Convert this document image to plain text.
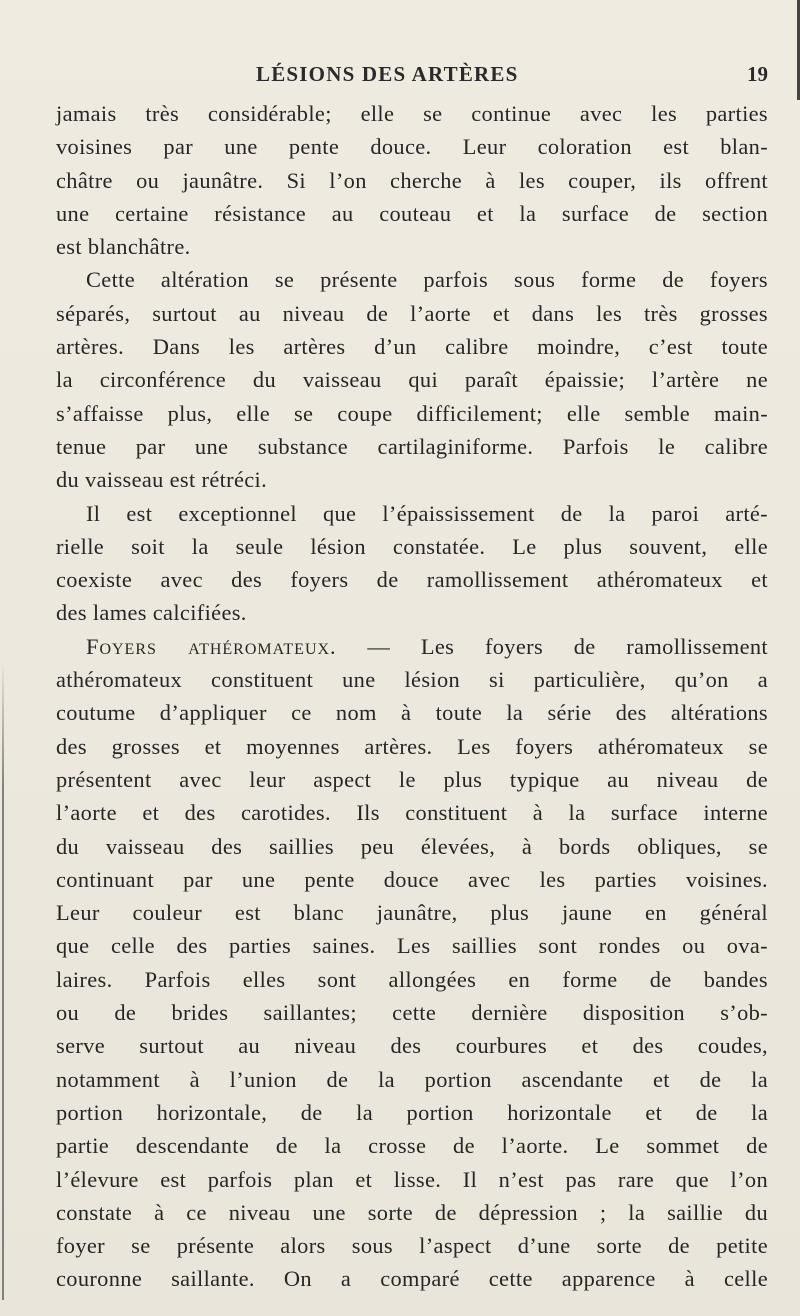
LÉSIONS DES ARTÈRES	19
jamais très considérable; elle se continue avec les parties
voisines par une pente douce. Leur coloration est blan-
châtre ou jaunâtre. Si l’on cherche à les couper, ils offrent
une certaine résistance au couteau et la surface de section
est blanchâtre.
Cette altération se présente parfois sous forme de foyers
séparés, surtout au niveau de l’aorte et dans les très grosses
artères. Dans les artères d’un calibre moindre, c’est toute
la circonférence du vaisseau qui paraît épaissie; l’artère ne
s’affaisse plus, elle se coupe difficilement; elle semble main-
tenue par une substance cartilaginiforme. Parfois le calibre
du vaisseau est rétréci.
Il est exceptionnel que l’épaississement de la paroi arté-
rielle soit la seule lésion constatée. Le plus souvent, elle
coexiste avec des foyers de ramollissement athéromateux et
des lames calcifiées.
Foyers athéromateux. — Les foyers de ramollissement
athéromateux constituent une lésion si particulière, qu’on a
coutume d’appliquer ce nom à toute la série des altérations
des grosses et moyennes artères. Les foyers athéromateux se
présentent avec leur aspect le plus typique au niveau de
l’aorte et des carotides. Ils constituent à la surface interne
du vaisseau des saillies peu élevées, à bords obliques, se
continuant par une pente douce avec les parties voisines.
Leur couleur est blanc jaunâtre, plus jaune en général
que celle des parties saines. Les saillies sont rondes ou ova-
laires. Parfois elles sont allongées en forme de bandes
ou de brides saillantes; cette dernière disposition s’ob-
serve surtout au niveau des courbures et des coudes,
notamment à l’union de la portion ascendante et de la
portion horizontale, de la portion horizontale et de la
partie descendante de la crosse de l’aorte. Le sommet de
l’élevure est parfois plan et lisse. Il n’est pas rare que l’on
constate à ce niveau une sorte de dépression ; la saillie du
foyer se présente alors sous l’aspect d’une sorte de petite
couronne saillante. On a comparé cette apparence à celle
